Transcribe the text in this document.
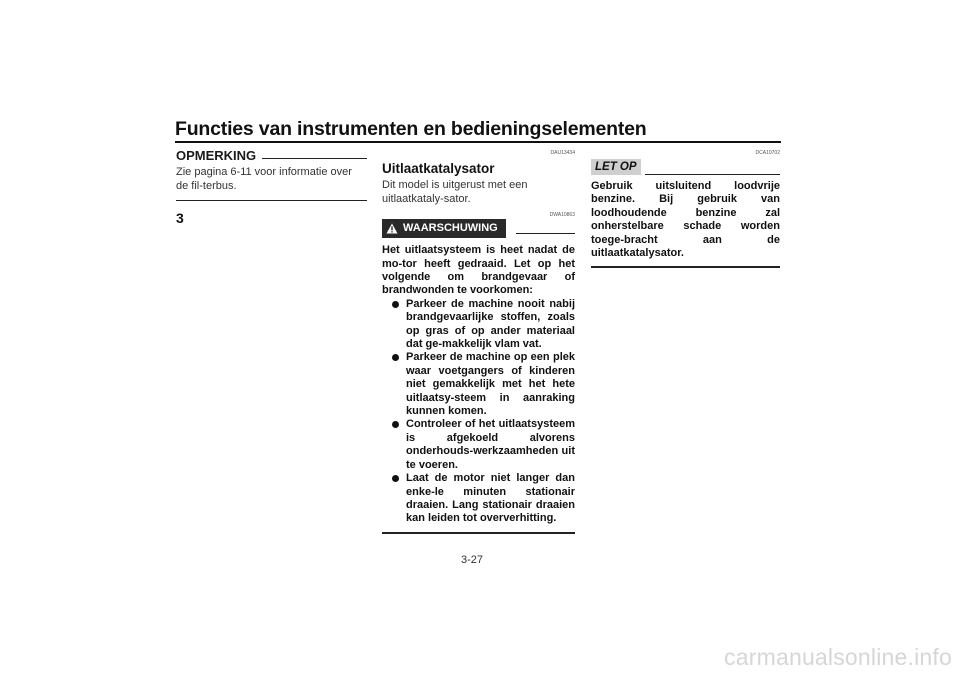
Functies van instrumenten en bedieningselementen
3
OPMERKING

Zie pagina 6-11 voor informatie over de fil-terbus.

DAU13434
Uitlaatkatalysator

Dit model is uitgerust met een uitlaatkataly-sator.

DWA10863
WAARSCHUWING

Het uitlaatsysteem is heet nadat de mo-tor heeft gedraaid. Let op het volgende om brandgevaar of brandwonden te voorkomen:

Parkeer de machine nooit nabij brandgevaarlijke stoffen, zoals op gras of op ander materiaal dat ge-makkelijk vlam vat.
Parkeer de machine op een plek waar voetgangers of kinderen niet gemakkelijk met het hete uitlaatsy-steem in aanraking kunnen komen.
Controleer of het uitlaatsysteem is afgekoeld alvorens onderhouds-werkzaamheden uit te voeren.
Laat de motor niet langer dan enke-le minuten stationair draaien. Lang stationair draaien kan leiden tot oververhitting.
DCA10702
LET OP

Gebruik uitsluitend loodvrije benzine. Bij gebruik van loodhoudende benzine zal onherstelbare schade worden toege-bracht aan de uitlaatkatalysator.

3-27
carmanualsonline.info
